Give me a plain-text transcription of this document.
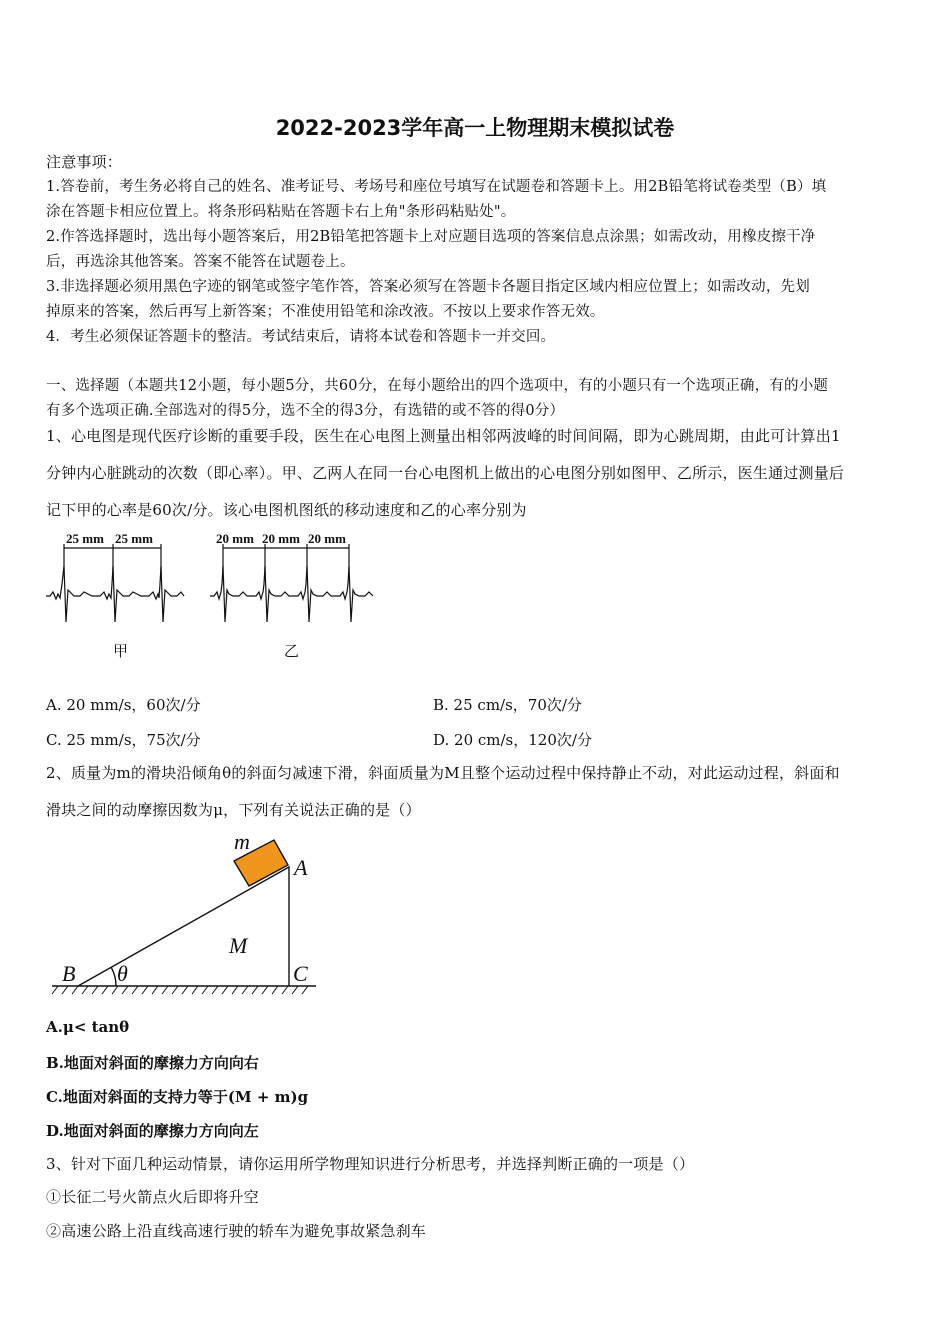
2022-2023学年高一上物理期末模拟试卷
注意事项：
1.答卷前，考生务必将自己的姓名、准考证号、考场号和座位号填写在试题卷和答题卡上。用2B铅笔将试卷类型（B）填
涂在答题卡相应位置上。将条形码粘贴在答题卡右上角"条形码粘贴处"。
2.作答选择题时，选出每小题答案后，用2B铅笔把答题卡上对应题目选项的答案信息点涂黑；如需改动，用橡皮擦干净
后，再选涂其他答案。答案不能答在试题卷上。
3.非选择题必须用黑色字迹的钢笔或签字笔作答，答案必须写在答题卡各题目指定区域内相应位置上；如需改动，先划
掉原来的答案，然后再写上新答案；不准使用铅笔和涂改液。不按以上要求作答无效。
4．考生必须保证答题卡的整洁。考试结束后，请将本试卷和答题卡一并交回。
一、选择题（本题共12小题，每小题5分，共60分，在每小题给出的四个选项中，有的小题只有一个选项正确，有的小题
有多个选项正确.全部选对的得5分，选不全的得3分，有选错的或不答的得0分）
1、心电图是现代医疗诊断的重要手段，医生在心电图上测量出相邻两波峰的时间间隔，即为心跳周期，由此可计算出1
分钟内心脏跳动的次数（即心率）。甲、乙两人在同一台心电图机上做出的心电图分别如图甲、乙所示，医生通过测量后
记下甲的心率是60次/分。该心电图机图纸的移动速度和乙的心率分别为
25 mm 25 mm	20 mm 20 mm 20 mm
甲	乙
A. 20 mm/s，60次/分	B. 25 cm/s，70次/分
C. 25 mm/s，75次/分	D. 20 cm/s，120次/分
2、质量为m的滑块沿倾角θ的斜面匀减速下滑，斜面质量为M且整个运动过程中保持静止不动，对此运动过程，斜面和
滑块之间的动摩擦因数为μ，下列有关说法正确的是（）
m
A
M
B θ	C
A.μ< tanθ
B.地面对斜面的摩擦力方向向右
C.地面对斜面的支持力等于(M + m)g
D.地面对斜面的摩擦力方向向左
3、针对下面几种运动情景，请你运用所学物理知识进行分析思考，并选择判断正确的一项是（）
①长征二号火箭点火后即将升空
②高速公路上沿直线高速行驶的轿车为避免事故紧急刹车
